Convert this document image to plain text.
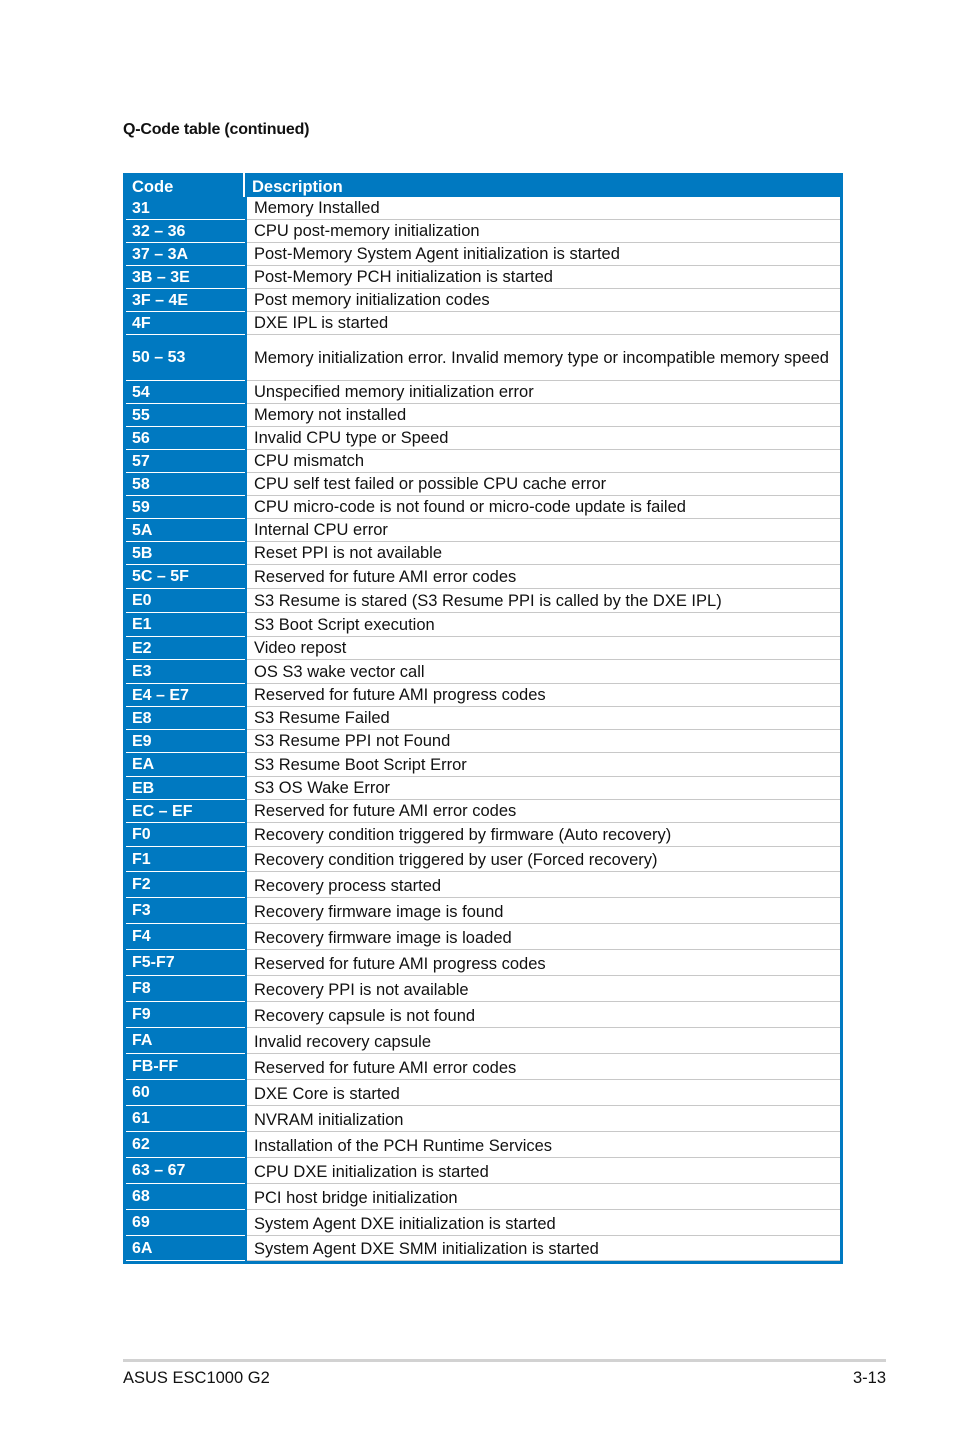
Q-Code table (continued)
Code	Description
31	Memory Installed
32 – 36	CPU post-memory initialization
37 – 3A	Post-Memory System Agent initialization is started
3B – 3E	Post-Memory PCH initialization is started
3F – 4E	Post memory initialization codes
4F	DXE IPL is started
50 – 53	Memory initialization error. Invalid memory type or incompatible memory speed
54	Unspecified memory initialization error
55	Memory not installed
56	Invalid CPU type or Speed
57	CPU mismatch
58	CPU self test failed or possible CPU cache error
59	CPU micro-code is not found or micro-code update is failed
5A	Internal CPU error
5B	Reset PPI is not available
5C – 5F	Reserved for future AMI error codes
E0	S3 Resume is stared (S3 Resume PPI is called by the DXE IPL)
E1	S3 Boot Script execution
E2	Video repost
E3	OS S3 wake vector call
E4 – E7	Reserved for future AMI progress codes
E8	S3 Resume Failed
E9	S3 Resume PPI not Found
EA	S3 Resume Boot Script Error
EB	S3 OS Wake Error
EC – EF	Reserved for future AMI error codes
F0	Recovery condition triggered by firmware (Auto recovery)
F1	Recovery condition triggered by user (Forced recovery)
F2	Recovery process started
F3	Recovery firmware image is found
F4	Recovery firmware image is loaded
F5-F7	Reserved for future AMI progress codes
F8	Recovery PPI is not available
F9	Recovery capsule is not found
FA	Invalid recovery capsule
FB-FF	Reserved for future AMI error codes
60	DXE Core is started
61	NVRAM initialization
62	Installation of the PCH Runtime Services
63 – 67	CPU DXE initialization is started
68	PCI host bridge initialization
69	System Agent DXE initialization is started
6A	System Agent DXE SMM initialization is started
ASUS ESC1000 G2	3-13
